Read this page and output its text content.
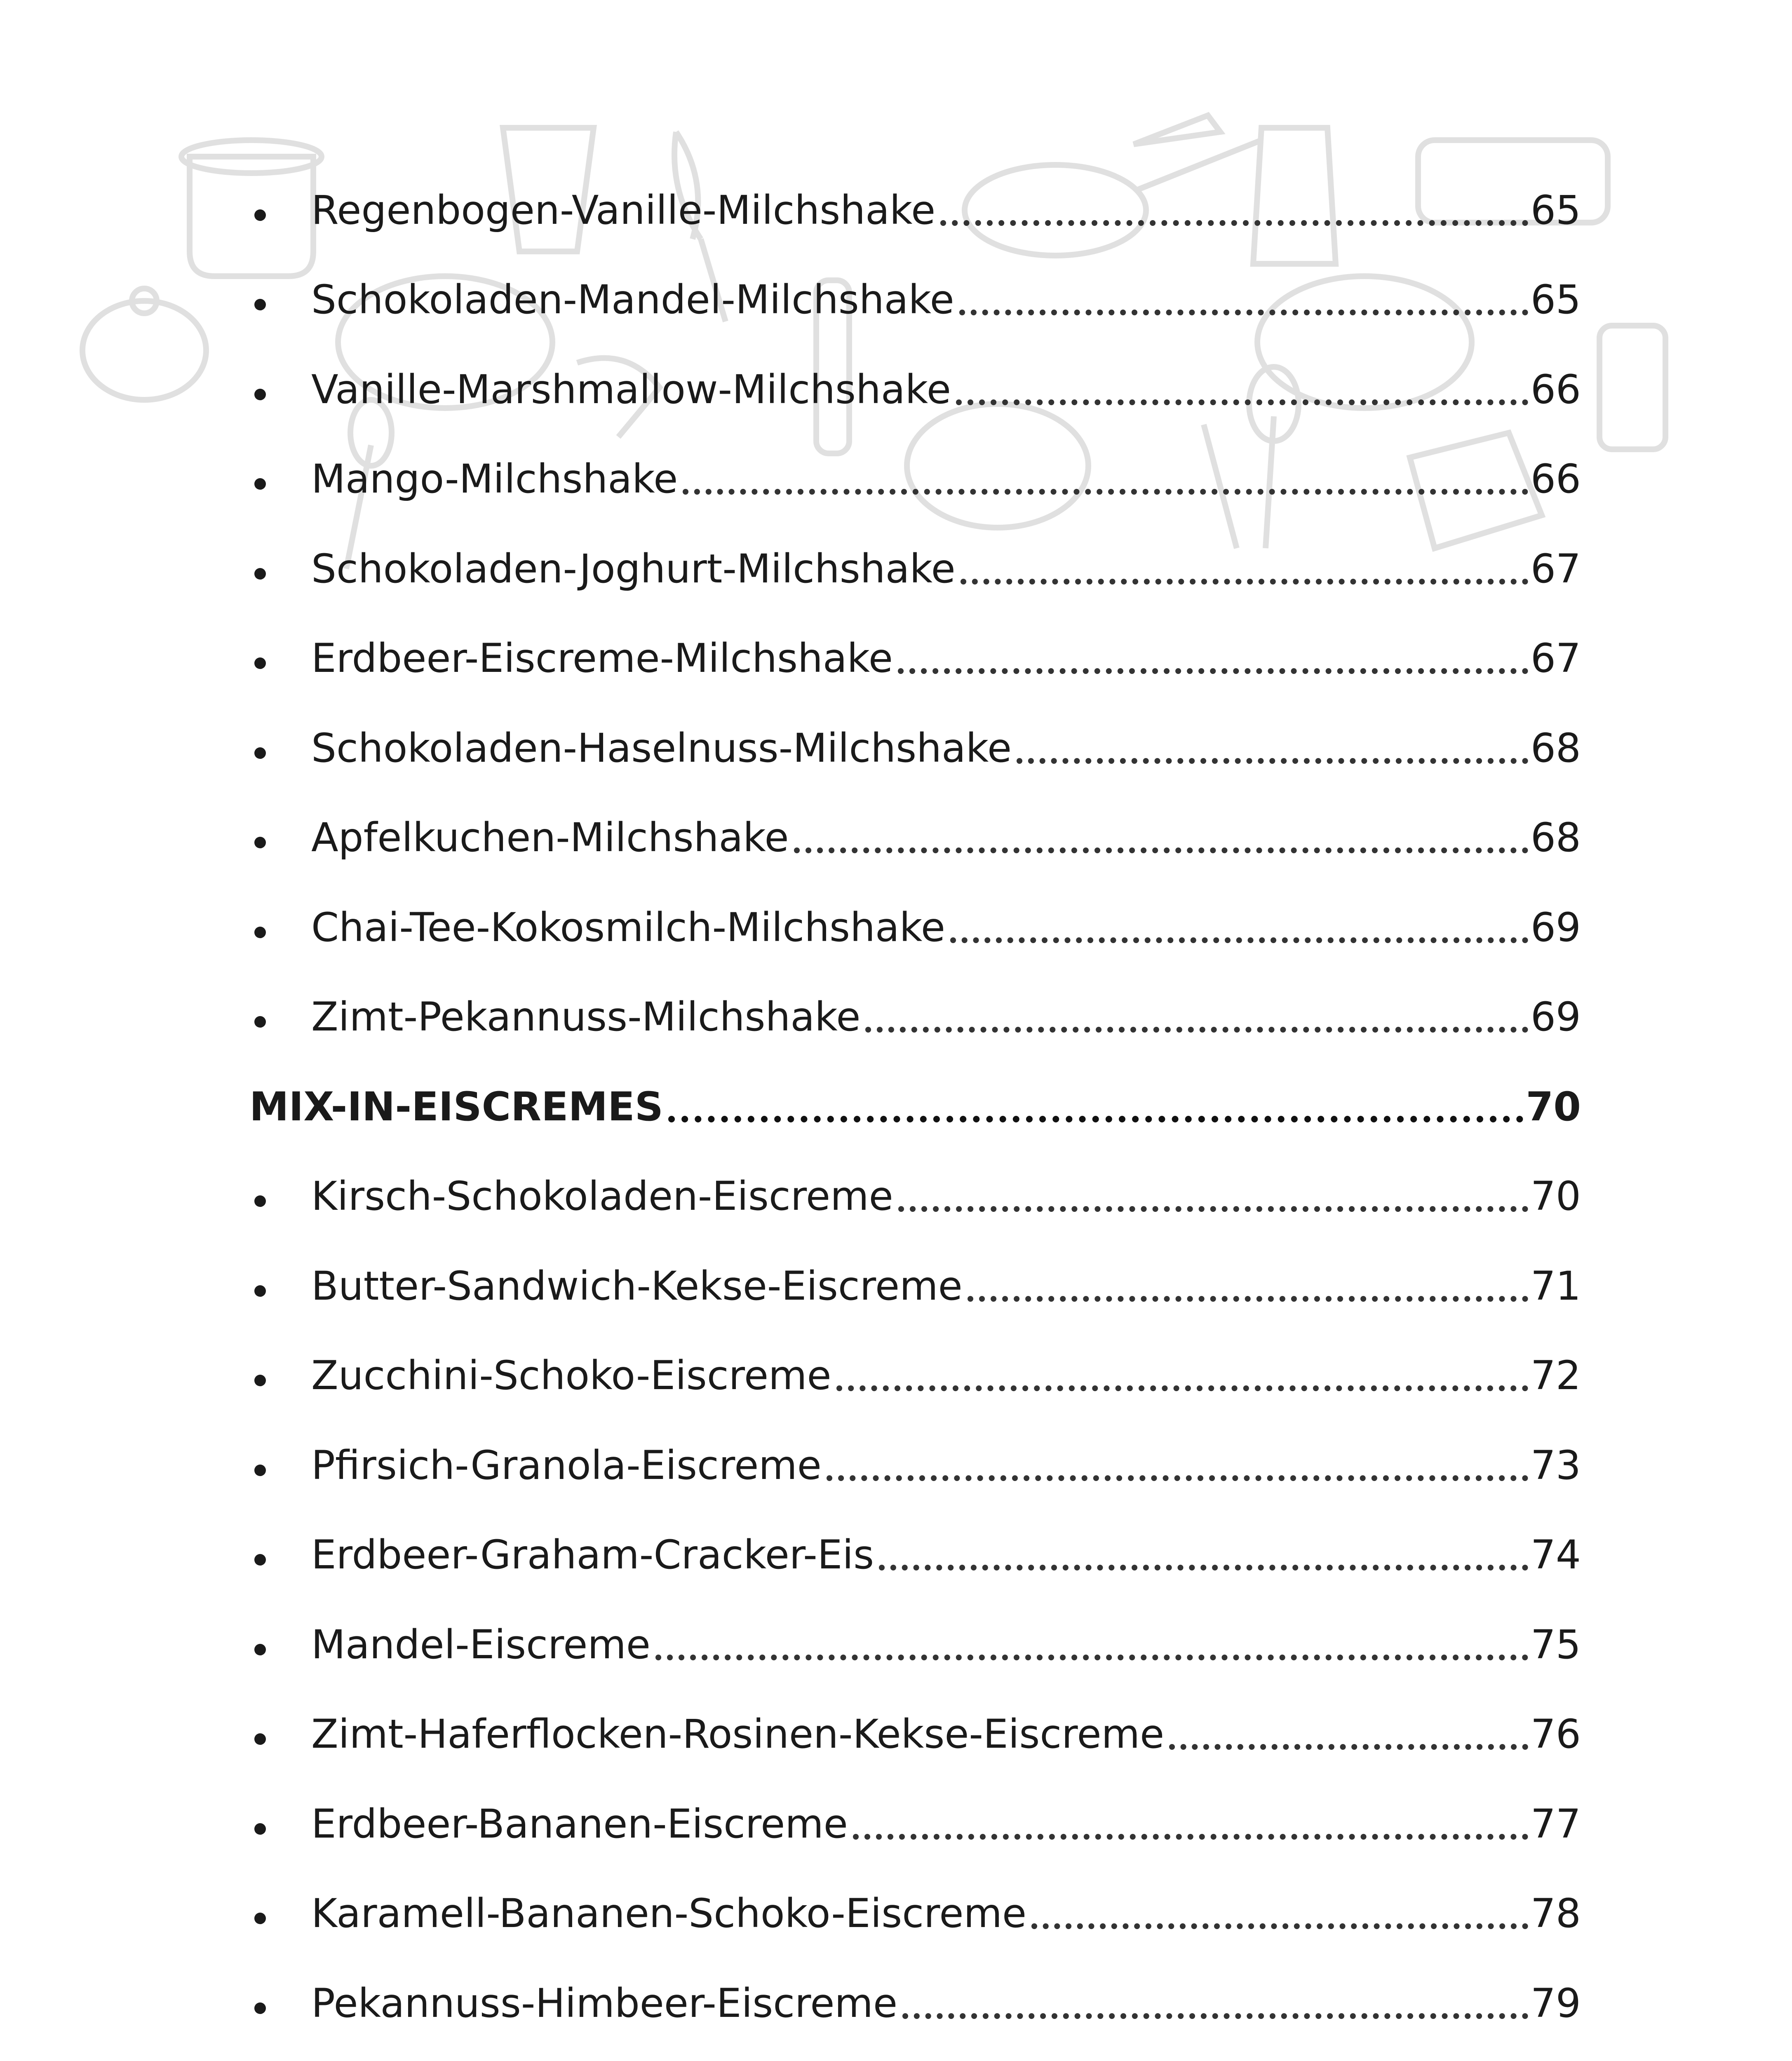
Regenbogen-Vanille-Milchshake	65
Schokoladen-Mandel-Milchshake	65
Vanille-Marshmallow-Milchshake	66
Mango-Milchshake	66
Schokoladen-Joghurt-Milchshake	67
Erdbeer-Eiscreme-Milchshake	67
Schokoladen-Haselnuss-Milchshake	68
Apfelkuchen-Milchshake	68
Chai-Tee-Kokosmilch-Milchshake	69
Zimt-Pekannuss-Milchshake	69
MIX-IN-EISCREMES	70
Kirsch-Schokoladen-Eiscreme	70
Butter-Sandwich-Kekse-Eiscreme	71
Zucchini-Schoko-Eiscreme	72
Pfirsich-Granola-Eiscreme	73
Erdbeer-Graham-Cracker-Eis	74
Mandel-Eiscreme	75
Zimt-Haferflocken-Rosinen-Kekse-Eiscreme	76
Erdbeer-Bananen-Eiscreme	77
Karamell-Bananen-Schoko-Eiscreme	78
Pekannuss-Himbeer-Eiscreme	79
